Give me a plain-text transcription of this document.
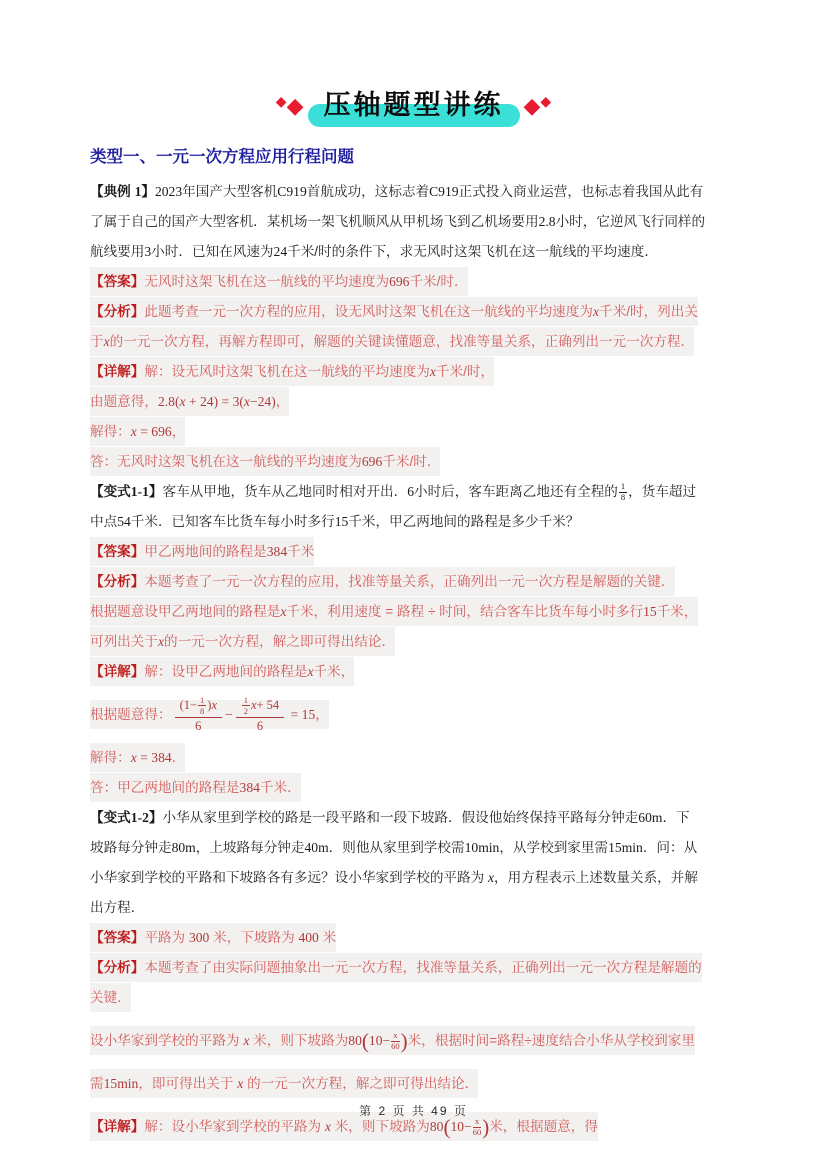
◆ ◆ 压轴题型讲练 ◆ ◆
类型一、一元一次方程应用行程问题

【典例 1】2023年国产大型客机C919首航成功，这标志着C919正式投入商业运营，也标志着我国从此有

了属于自己的国产大型客机．某机场一架飞机顺风从甲机场飞到乙机场要用2.8小时，它逆风飞行同样的

航线要用3小时．已知在风速为24千米/时的条件下，求无风时这架飞机在这一航线的平均速度．

【答案】无风时这架飞机在这一航线的平均速度为696千米/时．

【分析】此题考查一元一次方程的应用，设无风时这架飞机在这一航线的平均速度为x千米/时，列出关

于x的一元一次方程，再解方程即可，解题的关键读懂题意，找准等量关系，正确列出一元一次方程．

【详解】解：设无风时这架飞机在这一航线的平均速度为x千米/时，

由题意得，2.8(x + 24) = 3(x−24)，

解得：x = 696，

答：无风时这架飞机在这一航线的平均速度为696千米/时．

【变式1-1】客车从甲地，货车从乙地同时相对开出．6小时后，客车距离乙地还有全程的 $\frac{1}{8}$ ，货车超过

中点54千米．已知客车比货车每小时多行15千米，甲乙两地间的路程是多少千米？

【答案】甲乙两地间的路程是384千米

【分析】本题考查了一元一次方程的应用，找准等量关系，正确列出一元一次方程是解题的关键．

根据题意设甲乙两地间的路程是x千米，利用速度 = 路程 ÷ 时间，结合客车比货车每小时多行15千米，

可列出关于x的一元一次方程，解之即可得出结论．

【详解】解：设甲乙两地间的路程是x千米，

根据题意得： $\frac{(1- \frac{1}{8} ) x}{6} - 1$
2 x + 54
6 = 15，

解得：x = 384．

答：甲乙两地间的路程是384千米．

【变式1-2】小华从家里到学校的路是一段平路和一段下坡路．假设他始终保持平路每分钟走60m．下

坡路每分钟走80m，上坡路每分钟走40m．则他从家里到学校需10min，从学校到家里需15min．问：从

小华家到学校的平路和下坡路各有多远？设小华家到学校的平路为 x，用方程表示上述数量关系，并解

出方程．

【答案】平路为 300 米，下坡路为 400 米

【分析】本题考查了由实际问题抽象出一元一次方程，找准等量关系，正确列出一元一次方程是解题的

关键．

设小华家到学校的平路为 x 米，则下坡路为$80(10- \frac{x}{60}$ )米，根据时间=路程÷速度结合小华从学校到家里

需15min，即可得出关于 x 的一元一次方程，解之即可得出结论．

【详解】解：设小华家到学校的平路为 x 米，则下坡路为$80(10- \frac{x}{60}$ )米，根据题意，得

第 2 页 共 49 页
